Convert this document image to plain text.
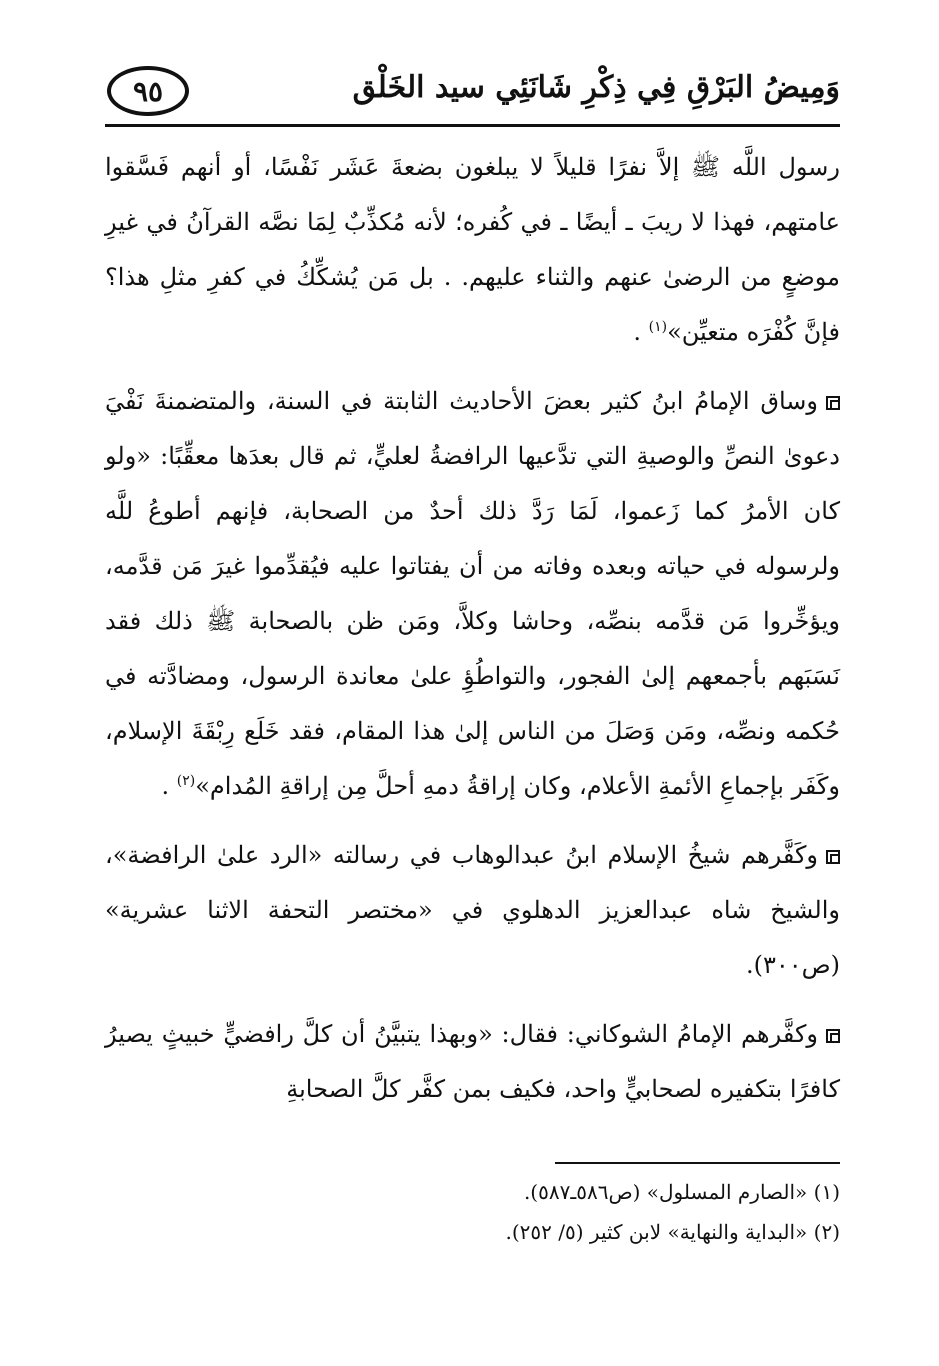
وَمِيضُ البَرْقِ فِي ذِكْرِ شَانَئِي سيد الخَلْق
٩٥

رسول اللَّه ﷺ إلاَّ نفرًا قليلاً لا يبلغون بضعةَ عَشَر نَفْسًا، أو أنهم فَسَّقوا عامتهم، فهذا لا ريبَ ـ أيضًا ـ في كُفره؛ لأنه مُكذِّبٌ لِمَا نصَّه القرآنُ في غيرِ موضعٍ من الرضىٰ عنهم والثناء عليهم. . بل مَن يُشكِّكُ في كفرِ مثلِ هذا؟ فإنَّ كُفْرَه متعيِّن»$^{(١)}$ .

وساق الإمامُ ابنُ كثير بعضَ الأحاديث الثابتة في السنة، والمتضمنةَ نَفْيَ دعوىٰ النصِّ والوصيةِ التي تدَّعيها الرافضةُ لعليٍّ، ثم قال بعدَها معقِّبًا: «ولو كان الأمرُ كما زَعموا، لَمَا رَدَّ ذلك أحدٌ من الصحابة، فإنهم أطوعُ للَّه ولرسوله في حياته وبعده وفاته من أن يفتاتوا عليه فيُقدِّموا غيرَ مَن قدَّمه، ويؤخِّروا مَن قدَّمه بنصِّه، وحاشا وكلاَّ، ومَن ظن بالصحابة ﷺ ذلك فقد نَسَبَهم بأجمعهم إلىٰ الفجور، والتواطُؤِ علىٰ معاندة الرسول، ومضادَّته في حُكمه ونصِّه، ومَن وَصَلَ من الناس إلىٰ هذا المقام، فقد خَلَع رِبْقَةَ الإسلام، وكَفَر بإجماعِ الأئمةِ الأعلام، وكان إراقةُ دمهِ أحلَّ مِن إراقةِ المُدام»$^{(٢)}$ .

وكَفَّرهم شيخُ الإسلام ابنُ عبدالوهاب في رسالته «الرد علىٰ الرافضة»، والشيخ شاه عبدالعزيز الدهلوي في «مختصر التحفة الاثنا عشرية» (ص٣٠٠).

وكفَّرهم الإمامُ الشوكاني: فقال: «وبهذا يتبيَّنُ أن كلَّ رافضيٍّ خبيثٍ يصيرُ كافرًا بتكفيره لصحابيٍّ واحد، فكيف بمن كفَّر كلَّ الصحابةِ

(١) «الصارم المسلول» (ص٥٨٦ـ٥٨٧).

(٢) «البداية والنهاية» لابن كثير (٥/ ٢٥٢).
